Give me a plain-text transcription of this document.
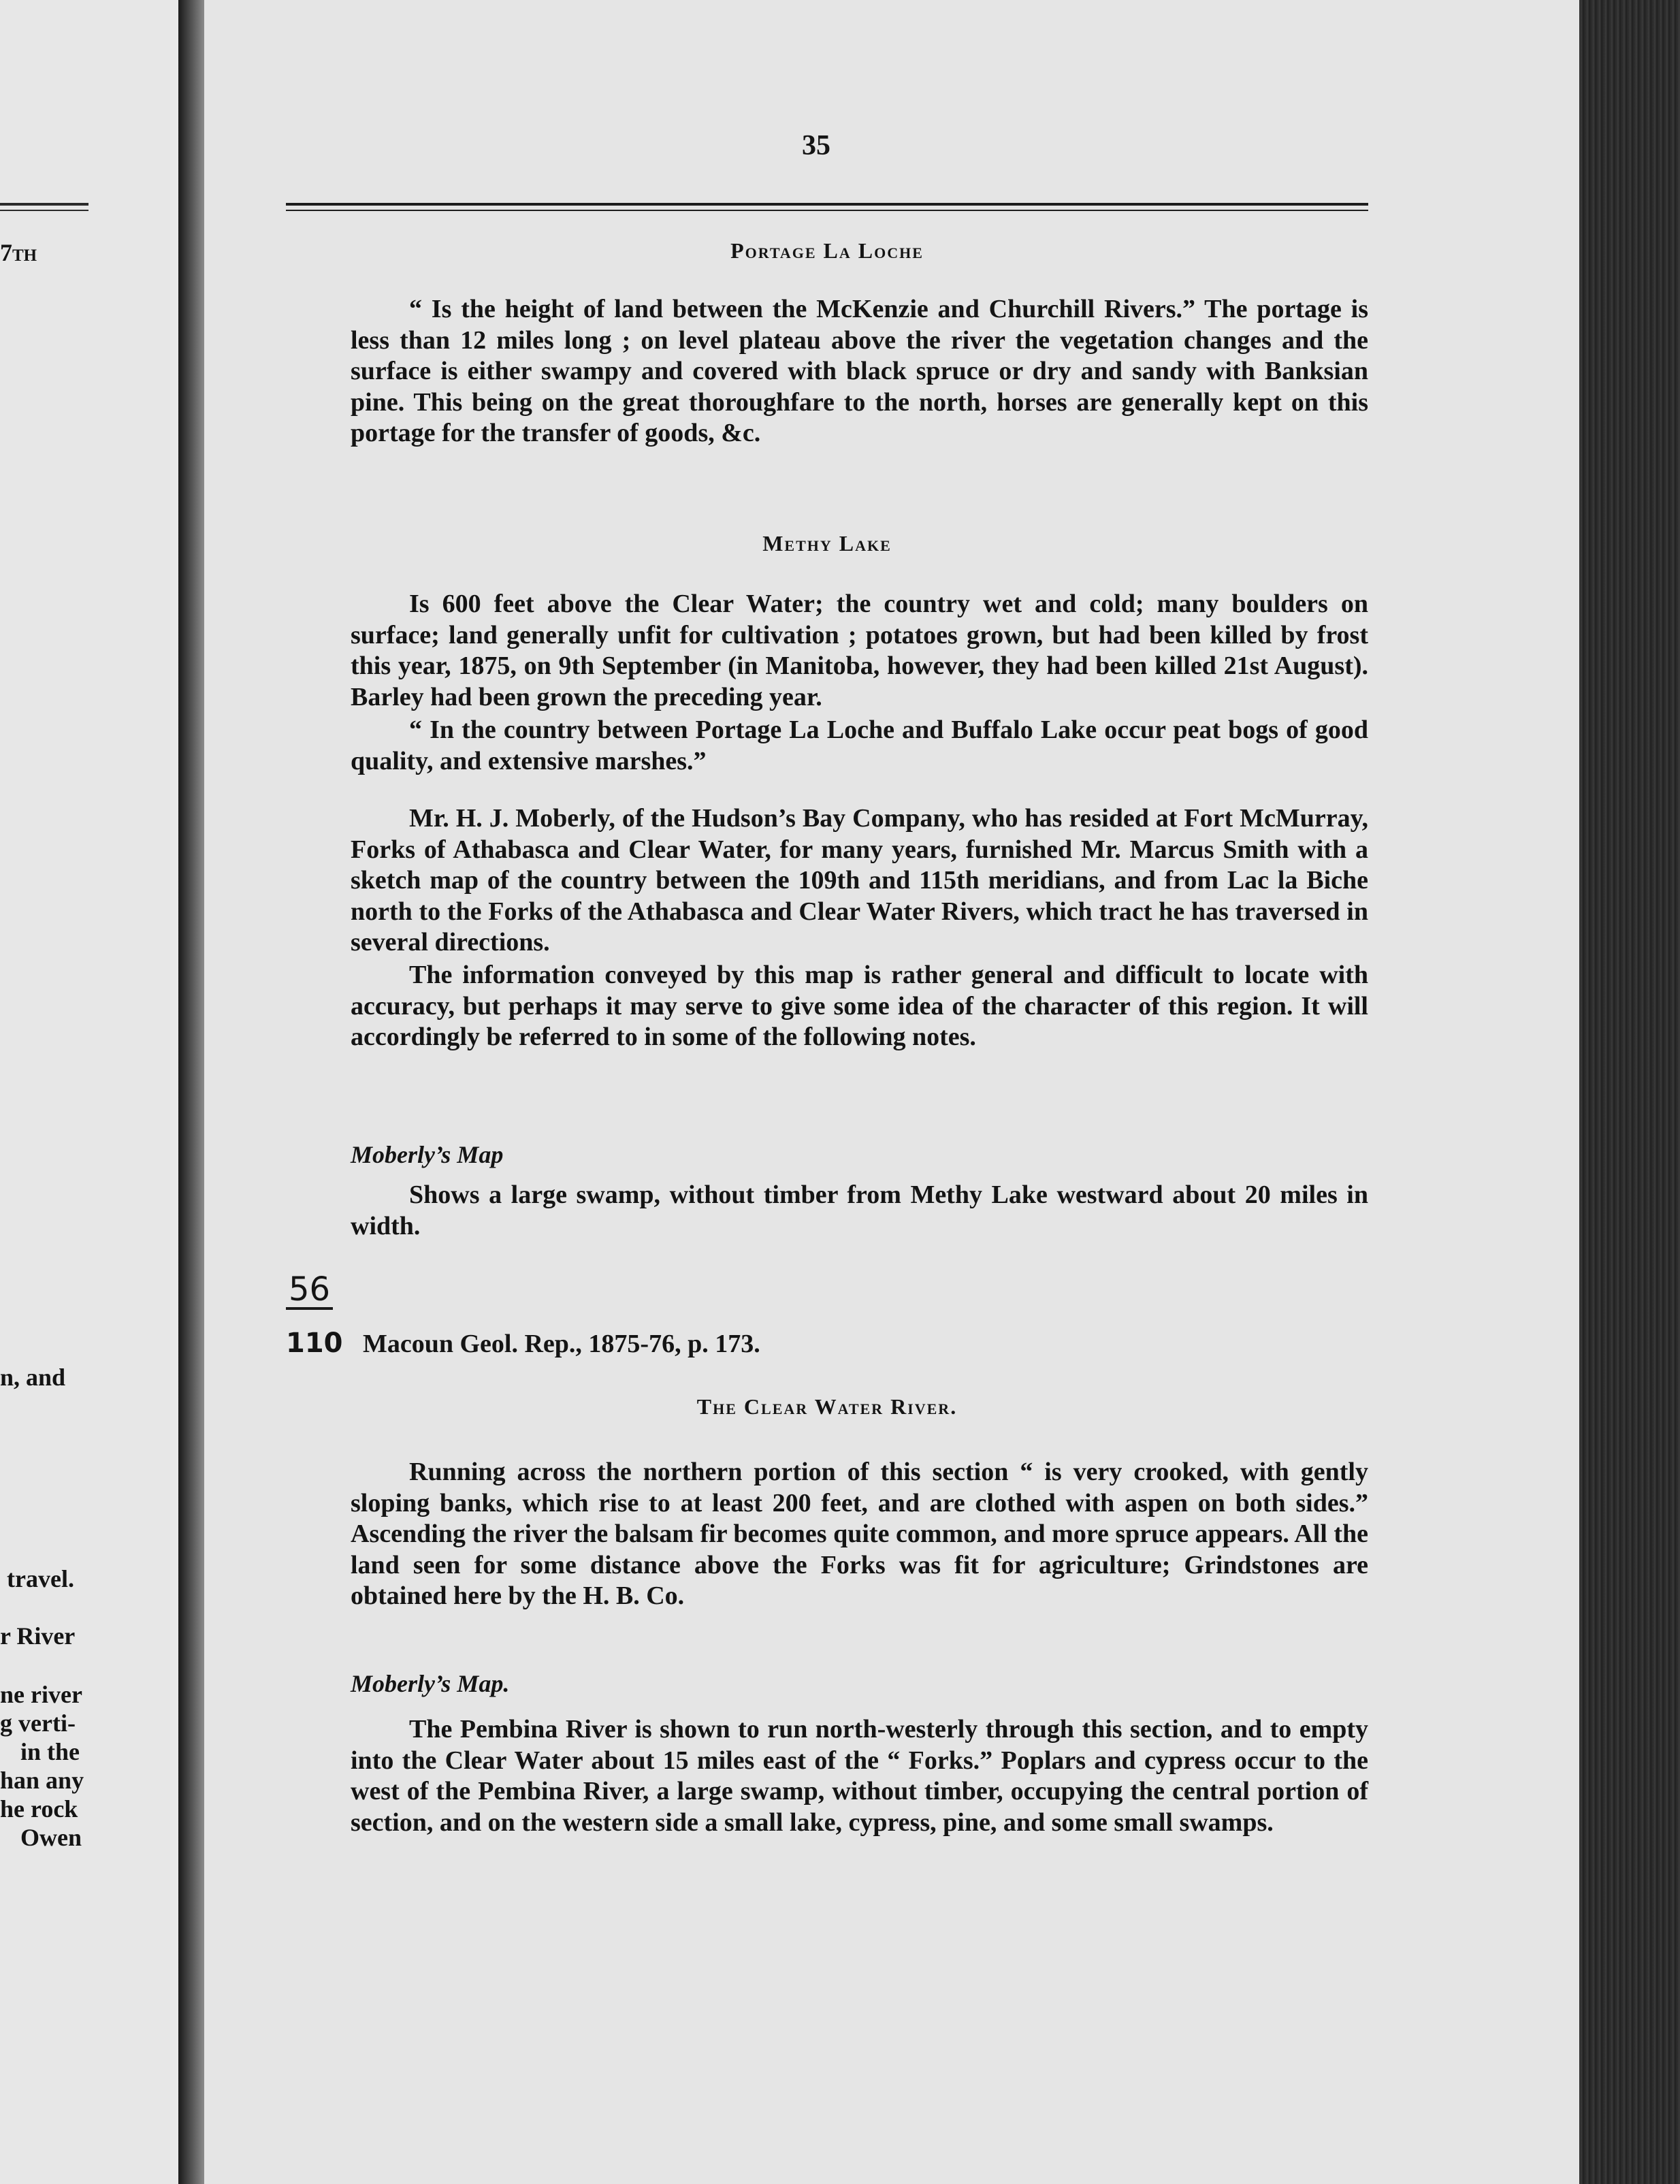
7th
n, and
travel.
r River
ne river
g verti-
in the
han any
he rock
Owen
35
Portage La Loche
“ Is the height of land between the McKenzie and Churchill Rivers.” The portage is less than 12 miles long ; on level plateau above the river the vegetation changes and the surface is either swampy and covered with black spruce or dry and sandy with Banksian pine. This being on the great thoroughfare to the north, horses are generally kept on this portage for the transfer of goods, &c.
Methy Lake
Is 600 feet above the Clear Water; the country wet and cold; many boulders on surface; land generally unfit for cultivation ; potatoes grown, but had been killed by frost this year, 1875, on 9th September (in Manitoba, however, they had been killed 21st August). Barley had been grown the preceding year.
“ In the country between Portage La Loche and Buffalo Lake occur peat bogs of good quality, and extensive marshes.”
Mr. H. J. Moberly, of the Hudson’s Bay Company, who has resided at Fort McMurray, Forks of Athabasca and Clear Water, for many years, furnished Mr. Marcus Smith with a sketch map of the country between the 109th and 115th meridians, and from Lac la Biche north to the Forks of the Athabasca and Clear Water Rivers, which tract he has traversed in several directions.
The information conveyed by this map is rather general and difficult to locate with accuracy, but perhaps it may serve to give some idea of the character of this region. It will accordingly be referred to in some of the following notes.
Moberly’s Map
Shows a large swamp, without timber from Methy Lake westward about 20 miles in width.
56
110 Macoun Geol. Rep., 1875-76, p. 173.
The Clear Water River.
Running across the northern portion of this section “ is very crooked, with gently sloping banks, which rise to at least 200 feet, and are clothed with aspen on both sides.” Ascending the river the balsam fir becomes quite common, and more spruce appears. All the land seen for some distance above the Forks was fit for agriculture; Grindstones are obtained here by the H. B. Co.
Moberly’s Map.
The Pembina River is shown to run north-westerly through this section, and to empty into the Clear Water about 15 miles east of the “ Forks.” Poplars and cypress occur to the west of the Pembina River, a large swamp, without timber, occupying the central portion of section, and on the western side a small lake, cypress, pine, and some small swamps.
